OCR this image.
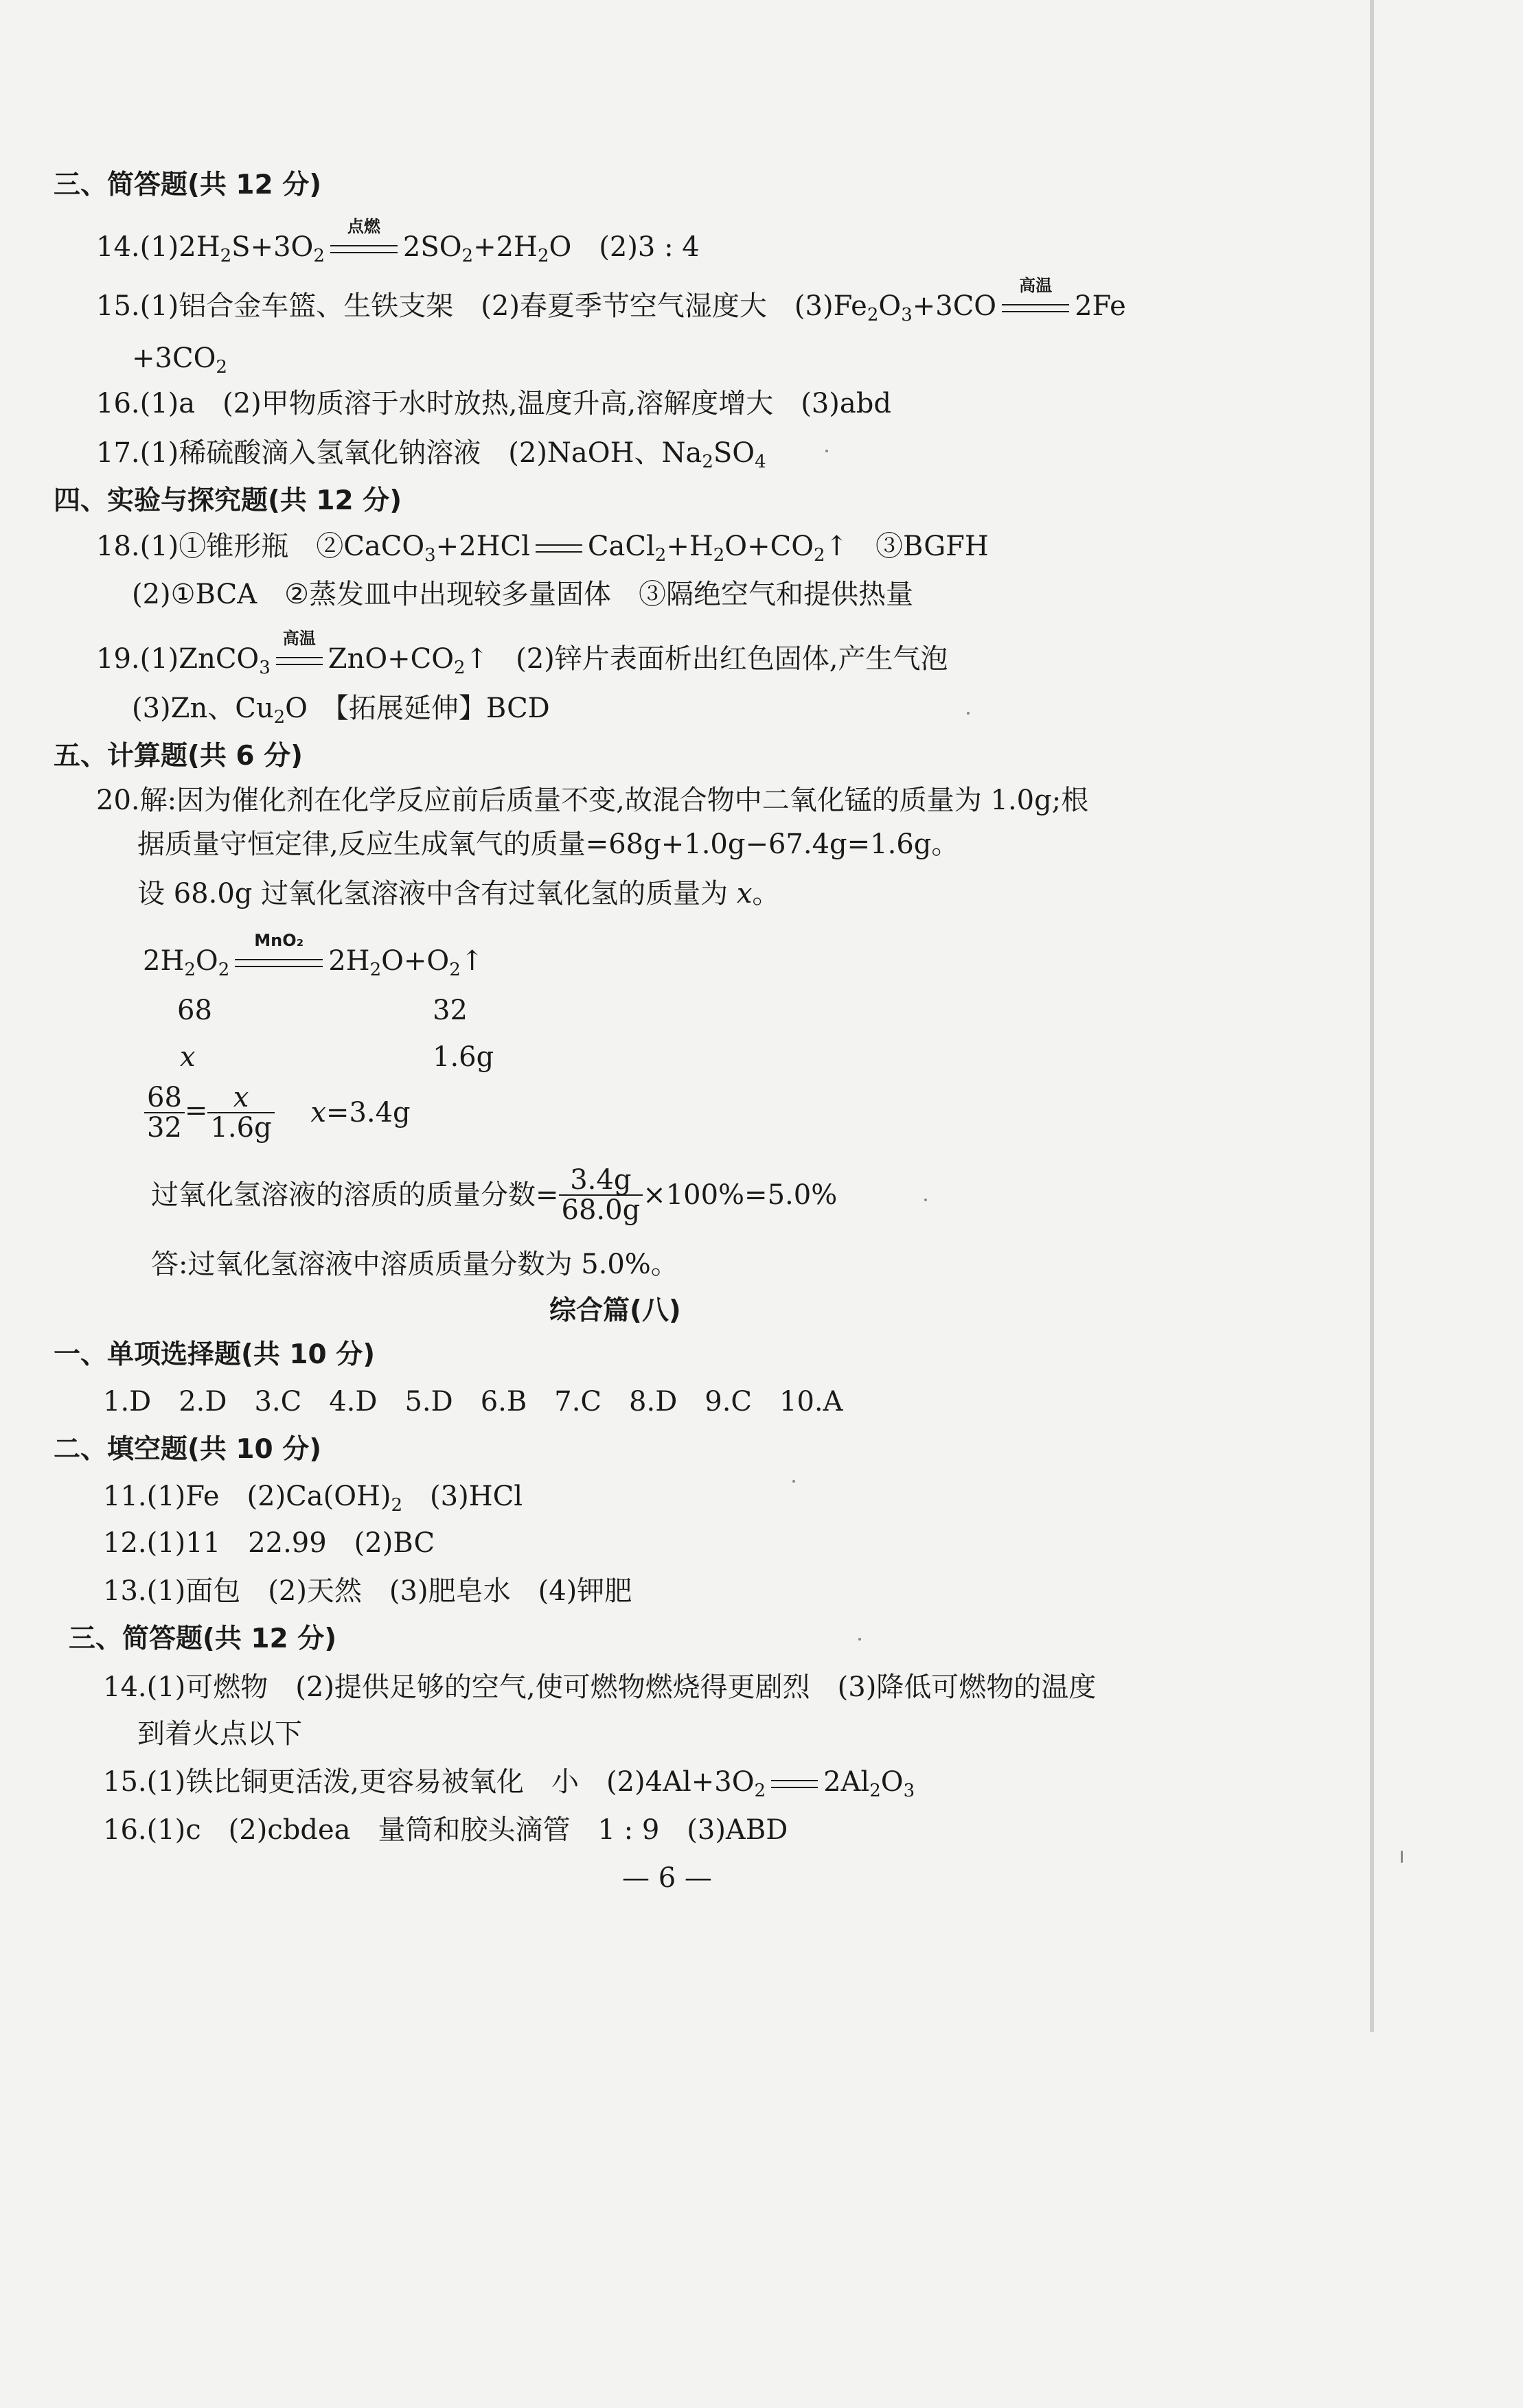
三、简答题(共 12 分)
$14.(1)2H_2S+3O_2$
点燃
$2SO_2+2H_2O$　(2)3 : 4
15.(1)铝合金车篮、生铁支架　(2)春夏季节空气湿度大　$(3)Fe_2O_3+3CO$
高温
2Fe
$+3CO_2$
16.(1)a　(2)甲物质溶于水时放热,温度升高,溶解度增大　(3)abd
17.(1)稀硫酸滴入氢氧化钠溶液　(2)NaOH、$Na_2SO_4$
四、实验与探究题(共 12 分)
18.(1)①锥形瓶　②CaCO$_3$+2HCl $CaCl_2+H_2O+CO_2↑$　③BGFH
(2)①BCA　②蒸发皿中出现较多量固体　③隔绝空气和提供热量
19.(1)ZnCO$_3$
高温
$ZnO+CO_2↑$　(2)锌片表面析出红色固体,产生气泡
(3)Zn、$Cu_2O$　【拓展延伸】BCD
五、计算题(共 6 分)
20.解:因为催化剂在化学反应前后质量不变,故混合物中二氧化锰的质量为 1.0g;根
据质量守恒定律,反应生成氧气的质量=68g+1.0g−67.4g=1.6g。
设 68.0g 过氧化氢溶液中含有过氧化氢的质量为 x。
$2H_2O_2$
MnO₂
$2H_2O+O_2↑$
68	32
x	1.6g
$\frac{68}{32} = \frac{x}{1.6g} x=3.4g$
过氧化氢溶液的溶质的质量分数= $\frac{3.4g}{68.0g} \times 100\%=5.0\%$
答:过氧化氢溶液中溶质质量分数为 5.0%。
综合篇(八)
一、单项选择题(共 10 分)
1.D　2.D　3.C　4.D　5.D　6.B　7.C　8.D　9.C　10.A
二、填空题(共 10 分)
11.(1)Fe　$(2)Ca(OH)_2$　(3)HCl
12.(1)11　22.99　(2)BC
13.(1)面包　(2)天然　(3)肥皂水　(4)钾肥
三、简答题(共 12 分)
14.(1)可燃物　(2)提供足够的空气,使可燃物燃烧得更剧烈　(3)降低可燃物的温度
到着火点以下
15.(1)铁比铜更活泼,更容易被氧化　小　$(2)4Al+3O_2$ $2Al_2O_3$
16.(1)c　(2)cbdea　量筒和胶头滴管　1 : 9　(3)ABD
— 6 —
